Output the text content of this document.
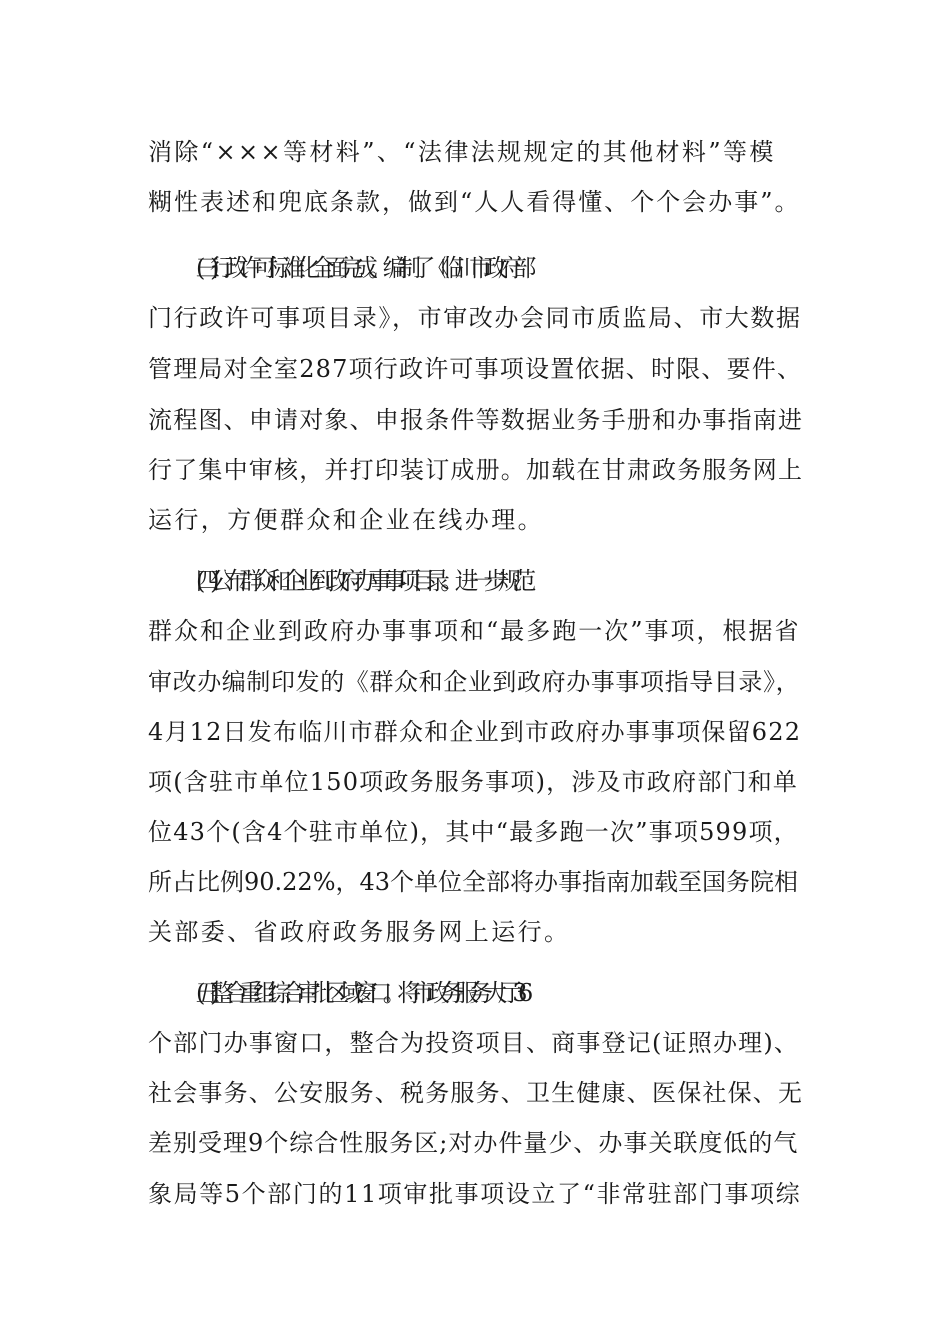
消除“×××等材料”、“法律法规规定的其他材料”等模
糊性表述和兜底条款，做到“人人看得懂、个个会办事”。
(三)行政许可标准化全面完成。编制了《临川市政府部
门行政许可事项目录》，市审改办会同市质监局、市大数据
管理局对全室287项行政许可事项设置依据、时限、要件、
流程图、申请对象、申报条件等数据业务手册和办事指南进
行了集中审核，并打印装订成册。加载在甘肃政务服务网上
运行，方便群众和企业在线办理。
(四)公布群众和企业到政府办事事项目录。进一步规范
群众和企业到政府办事事项和“最多跑一次”事项，根据省
审改办编制印发的《群众和企业到政府办事事项指导目录》，
4月12日发布临川市群众和企业到市政府办事事项保留622
项(含驻市单位150项政务服务事项)，涉及市政府部门和单
位43个(含4个驻市单位)，其中“最多跑一次”事项599项，
所占比例90.22%，43个单位全部将办事指南加载至国务院相
关部委、省政府政务服务网上运行。
(五)整合重组综合审批区域窗口。将市政务服务大厅36
个部门办事窗口，整合为投资项目、商事登记(证照办理)、
社会事务、公安服务、税务服务、卫生健康、医保社保、无
差别受理9个综合性服务区;对办件量少、办事关联度低的气
象局等5个部门的11项审批事项设立了“非常驻部门事项综
